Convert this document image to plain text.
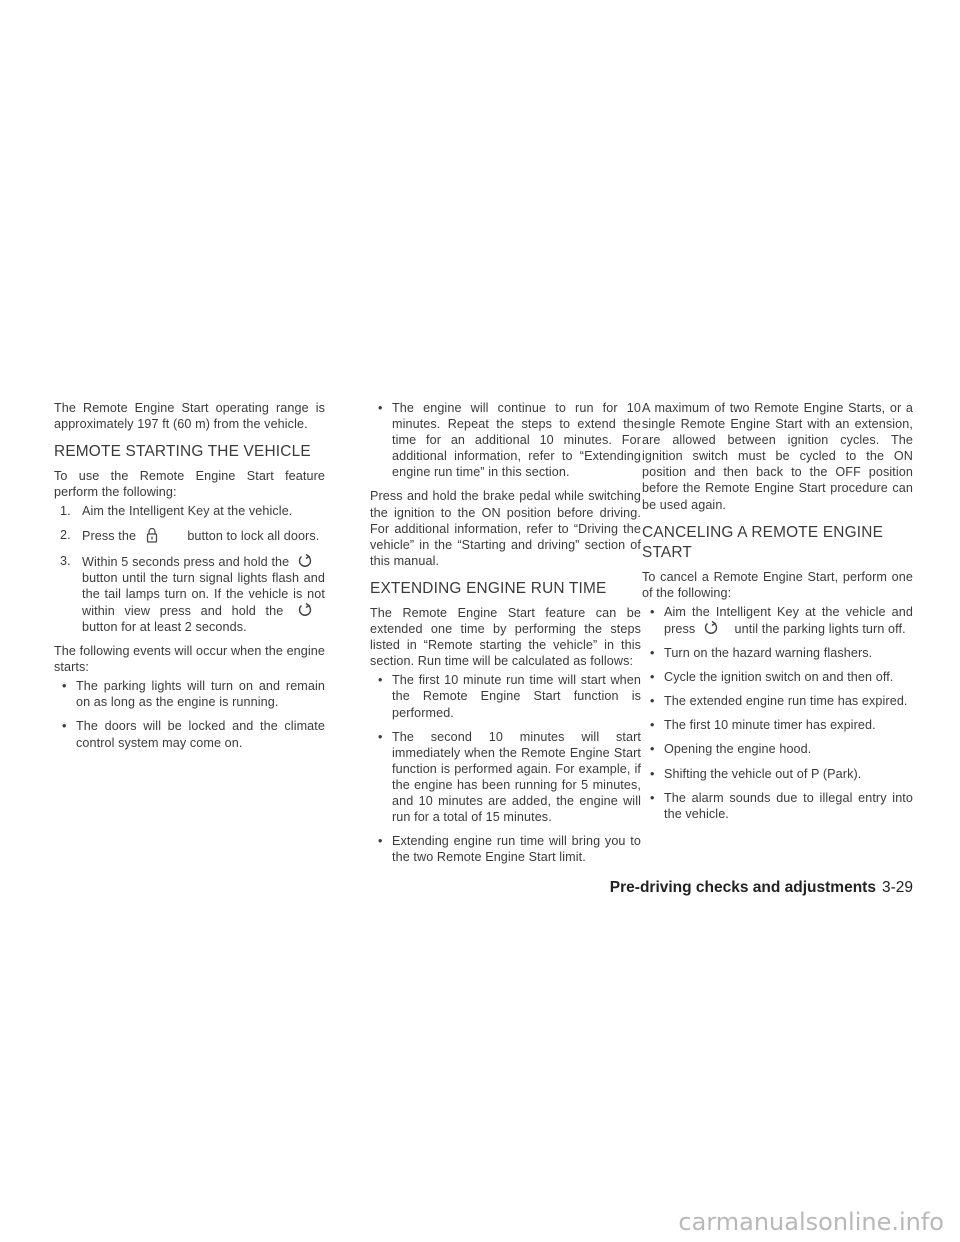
The Remote Engine Start operating range is approximately 197 ft (60 m) from the vehicle.

REMOTE STARTING THE VEHICLE

To use the Remote Engine Start feature perform the following:

1. Aim the Intelligent Key at the vehicle.
2. Press the	button to lock all doors.
3. Within 5 seconds press and hold the  button until the turn signal lights flash and the tail lamps turn on. If the vehicle is not within view press and hold the  button for at least 2 seconds.

The following events will occur when the engine starts:

• The parking lights will turn on and remain on as long as the engine is running.
• The doors will be locked and the climate control system may come on.
• The engine will continue to run for 10 minutes. Repeat the steps to extend the time for an additional 10 minutes. For additional information, refer to “Extending engine run time” in this section.

Press and hold the brake pedal while switching the ignition to the ON position before driving. For additional information, refer to “Driving the vehicle” in the “Starting and driving” section of this manual.

EXTENDING ENGINE RUN TIME

The Remote Engine Start feature can be extended one time by performing the steps listed in “Remote starting the vehicle” in this section. Run time will be calculated as follows:

• The first 10 minute run time will start when the Remote Engine Start function is performed.
• The second 10 minutes will start immediately when the Remote Engine Start function is performed again. For example, if the engine has been running for 5 minutes, and 10 minutes are added, the engine will run for a total of 15 minutes.
• Extending engine run time will bring you to the two Remote Engine Start limit.

A maximum of two Remote Engine Starts, or a single Remote Engine Start with an extension, are allowed between ignition cycles. The ignition switch must be cycled to the ON position and then back to the OFF position before the Remote Engine Start procedure can be used again.

CANCELING A REMOTE ENGINE START

To cancel a Remote Engine Start, perform one of the following:

• Aim the Intelligent Key at the vehicle and press	until the parking lights turn off.
• Turn on the hazard warning flashers.
• Cycle the ignition switch on and then off.
• The extended engine run time has expired.
• The first 10 minute timer has expired.
• Opening the engine hood.
• Shifting the vehicle out of P (Park).
• The alarm sounds due to illegal entry into the vehicle.
Pre-driving checks and adjustments 3-29
carmanualsonline.info
